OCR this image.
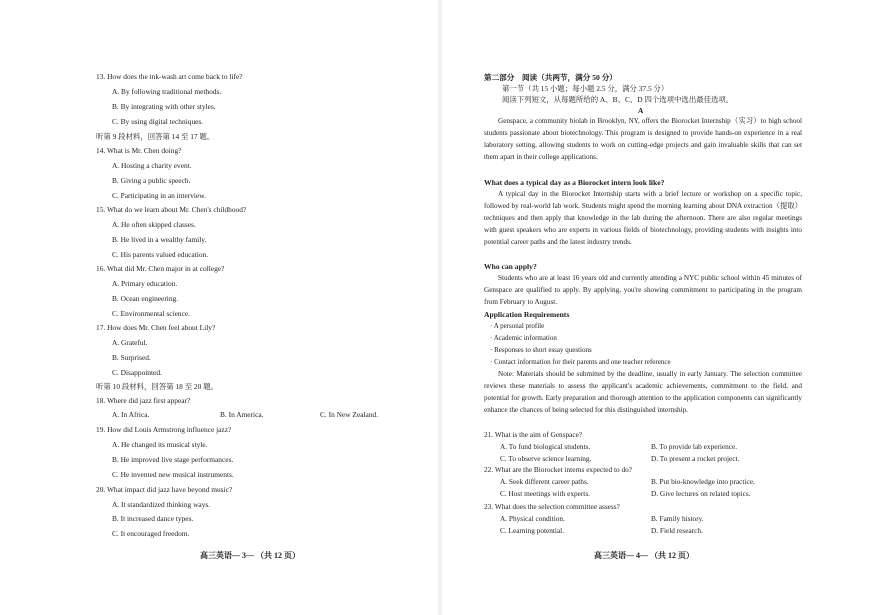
13. How does the ink-wash art come back to life?
A. By following traditional methods.
B. By integrating with other styles.
C. By using digital techniques.
听第 9 段材料，回答第 14 至 17 题。
14. What is Mr. Chen doing?
A. Hosting a charity event.
B. Giving a public speech.
C. Participating in an interview.
15. What do we learn about Mr. Chen's childhood?
A. He often skipped classes.
B. He lived in a wealthy family.
C. His parents valued education.
16. What did Mr. Chen major in at college?
A. Primary education.
B. Ocean engineering.
C. Environmental science.
17. How does Mr. Chen feel about Lily?
A. Grateful.
B. Surprised.
C. Disappointed.
听第 10 段材料，回答第 18 至 20 题。
18. Where did jazz first appear?
A. In Africa.	B. In America.	C. In New Zealand.
19. How did Louis Armstrong influence jazz?
A. He changed its musical style.
B. He improved live stage performances.
C. He invented new musical instruments.
20. What impact did jazz have beyond music?
A. It standardized thinking ways.
B. It increased dance types.
C. It encouraged freedom.
高三英语— 3— （共 12 页）
第二部分　阅读（共两节，满分 50 分）
第一节（共 15 小题；每小题 2.5 分，满分 37.5 分）
阅读下列短文，从每题所给的 A、B、C、D 四个选项中选出最佳选项。
A
Genspace, a community biolab in Brooklyn, NY, offers the Biorocket Internship（实习）to high school students passionate about biotechnology. This program is designed to provide hands-on experience in a real laboratory setting, allowing students to work on cutting-edge projects and gain invaluable skills that can set them apart in their college applications.
What does a typical day as a Biorocket intern look like?
A typical day in the Biorocket Internship starts with a brief lecture or workshop on a specific topic, followed by real-world lab work. Students might spend the morning learning about DNA extraction（提取）techniques and then apply that knowledge in the lab during the afternoon. There are also regular meetings with guest speakers who are experts in various fields of biotechnology, providing students with insights into potential career paths and the latest industry trends.
Who can apply?
Students who are at least 16 years old and currently attending a NYC public school within 45 minutes of Genspace are qualified to apply. By applying, you're showing commitment to participating in the program from February to August.
Application Requirements
· A personal profile
· Academic information
· Responses to short essay questions
· Contact information for their parents and one teacher reference
Note: Materials should be submitted by the deadline, usually in early January. The selection committee reviews these materials to assess the applicant's academic achievements, commitment to the field, and potential for growth. Early preparation and thorough attention to the application components can significantly enhance the chances of being selected for this distinguished internship.
21. What is the aim of Genspace?
A. To fund biological students.	B. To provide lab experience.
C. To observe science learning.	D. To present a rocket project.
22. What are the Biorocket interns expected to do?
A. Seek different career paths.	B. Put bio-knowledge into practice.
C. Host meetings with experts.	D. Give lectures on related topics.
23. What does the selection committee assess?
A. Physical condition.	B. Family history.
C. Learning potential.	D. Field research.
高三英语— 4— （共 12 页）
